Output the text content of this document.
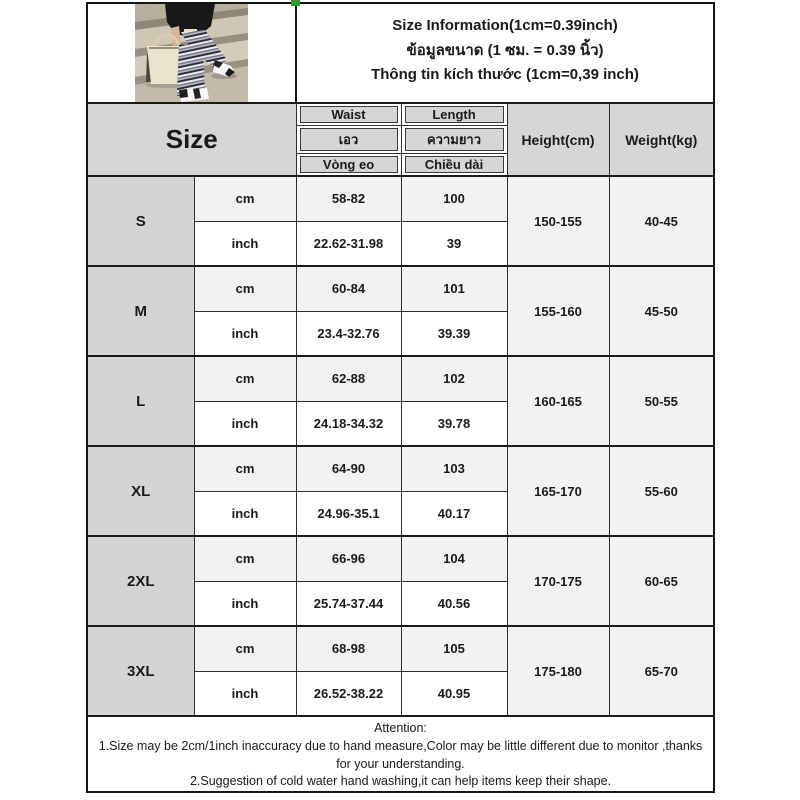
Size Information(1cm=0.39inch)
ข้อมูลขนาด (1 ซม. = 0.39 นิ้ว)
Thông tin kích thước (1cm=0,39 inch)			

Size		Waist	Length	Height(cm)	Weight(kg)

เอว	ความยาว		

Vòng eo	Chiều dài		

S	cm	58-82	100	150-155	40-45
	inch	22.62-31.98	39		
M	cm	60-84	101	155-160	45-50
	inch	23.4-32.76	39.39		
L	cm	62-88	102	160-165	50-55
	inch	24.18-34.32	39.78		
XL	cm	64-90	103	165-170	55-60
	inch	24.96-35.1	40.17		
2XL	cm	66-96	104	170-175	60-65
	inch	25.74-37.44	40.56		
3XL	cm	68-98	105	175-180	65-70
	inch	26.52-38.22	40.95		

Attention:
1.Size may be 2cm/1inch inaccuracy due to hand measure,Color may be little different due to monitor ,thanks for your understanding.
2.Suggestion of cold water hand washing,it can help items keep their shape.					
